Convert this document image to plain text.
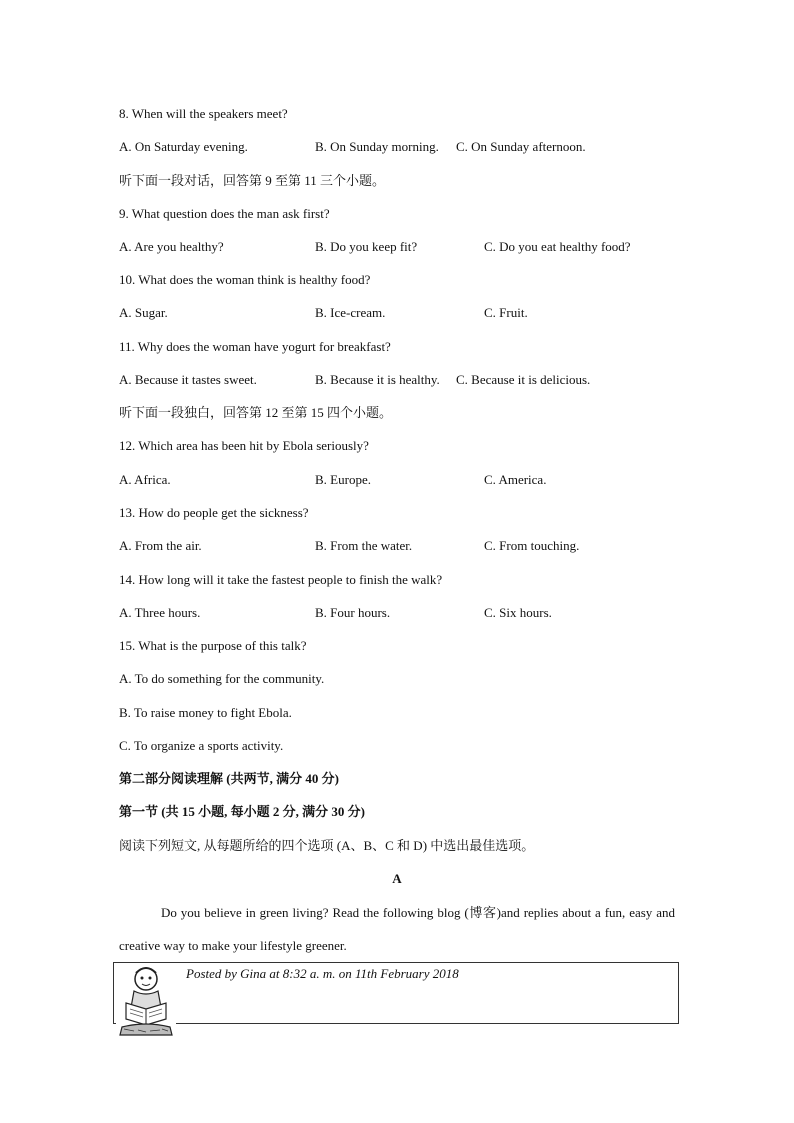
8. When will the speakers meet?
A. On Saturday evening.	B. On Sunday morning. C. On Sunday afternoon.
听下面一段对话，回答第 9 至第 11 三个小题。
9. What question does the man ask first?
A. Are you healthy?	B. Do you keep fit?	C. Do you eat healthy food?
10. What does the woman think is healthy food?
A. Sugar.	B. Ice-cream.	C. Fruit.
11. Why does the woman have yogurt for breakfast?
A. Because it tastes sweet.	B. Because it is healthy. C. Because it is delicious.
听下面一段独白，回答第 12 至第 15 四个小题。
12. Which area has been hit by Ebola seriously?
A. Africa.	B. Europe.	C. America.
13. How do people get the sickness?
A. From the air.	B. From the water.	C. From touching.
14. How long will it take the fastest people to finish the walk?
A. Three hours.	B. Four hours.	C. Six hours.
15. What is the purpose of this talk?
A. To do something for the community.
B. To raise money to fight Ebola.
C. To organize a sports activity.
第二部分阅读理解 (共两节, 满分 40 分)
第一节 (共 15 小题, 每小题 2 分, 满分 30 分)
阅读下列短文, 从每题所给的四个选项 (A、B、C 和 D) 中选出最佳选项。
A
Do you believe in green living? Read the following blog (博客)and replies about a fun, easy and creative way to make your lifestyle greener.
Posted by Gina at 8:32 a. m. on 11th February 2018
